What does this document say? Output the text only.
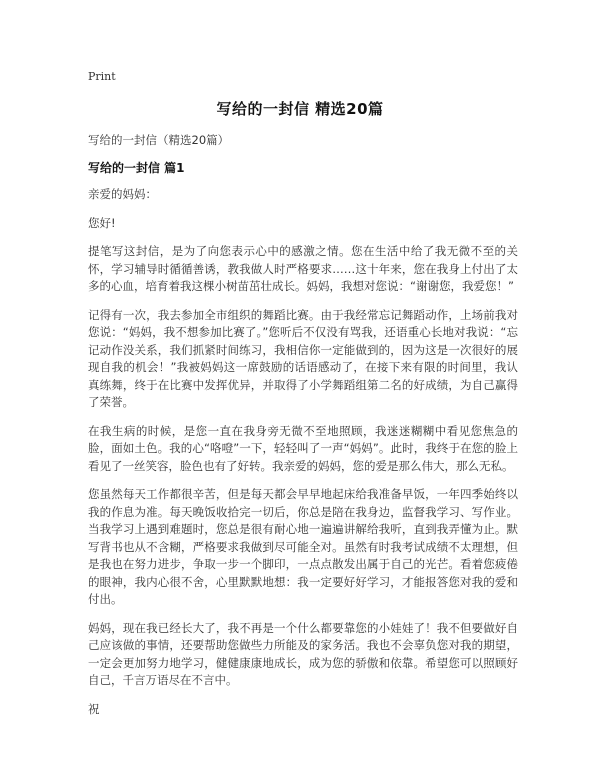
Print
写给的一封信 精选20篇
写给的一封信（精选20篇）
写给的一封信 篇1

亲爱的妈妈：

您好!

提笔写这封信，是为了向您表示心中的感激之情。您在生活中给了我无微不至的关怀，学习辅导时循循善诱，教我做人时严格要求……这十年来，您在我身上付出了太多的心血，培育着我这棵小树苗茁壮成长。妈妈，我想对您说：“谢谢您，我爱您！”

记得有一次，我去参加全市组织的舞蹈比赛。由于我经常忘记舞蹈动作，上场前我对您说：“妈妈，我不想参加比赛了。”您听后不仅没有骂我，还语重心长地对我说：“忘记动作没关系，我们抓紧时间练习，我相信你一定能做到的，因为这是一次很好的展现自我的机会！”我被妈妈这一席鼓励的话语感动了，在接下来有限的时间里，我认真练舞，终于在比赛中发挥优异，并取得了小学舞蹈组第二名的好成绩，为自己赢得了荣誉。

在我生病的时候，是您一直在我身旁无微不至地照顾，我迷迷糊糊中看见您焦急的脸，面如土色。我的心“咯噔”一下，轻轻叫了一声“妈妈”。此时，我终于在您的脸上看见了一丝笑容，脸色也有了好转。我亲爱的妈妈，您的爱是那么伟大，那么无私。

您虽然每天工作都很辛苦，但是每天都会早早地起床给我准备早饭，一年四季始终以我的作息为准。每天晚饭收拾完一切后，你总是陪在我身边，监督我学习、写作业。当我学习上遇到难题时，您总是很有耐心地一遍遍讲解给我听，直到我弄懂为止。默写背书也从不含糊，严格要求我做到尽可能全对。虽然有时我考试成绩不太理想，但是我也在努力进步，争取一步一个脚印，一点点散发出属于自己的光芒。看着您疲倦的眼神，我内心很不舍，心里默默地想：我一定要好好学习，才能报答您对我的爱和付出。

妈妈，现在我已经长大了，我不再是一个什么都要靠您的小娃娃了！我不但要做好自己应该做的事情，还要帮助您做些力所能及的家务活。我也不会辜负您对我的期望，一定会更加努力地学习，健健康康地成长，成为您的骄傲和依靠。希望您可以照顾好自己，千言万语尽在不言中。

祝
